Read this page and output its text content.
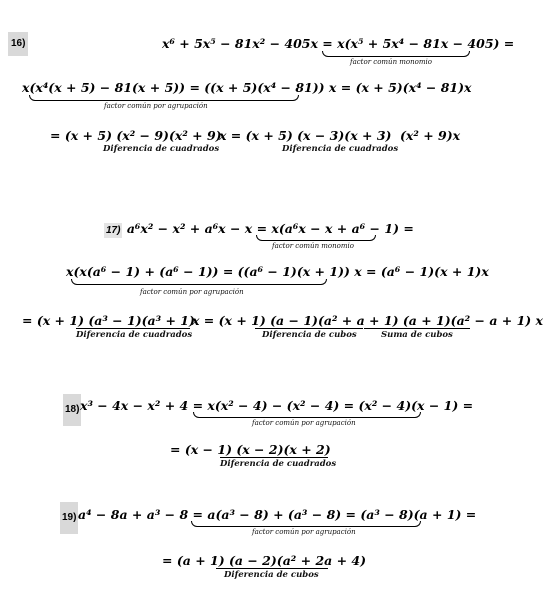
16)	x⁶ + 5x⁵ − 81x² − 405x = x(x⁵ + 5x⁴ − 81x − 405) =
factor común monomio
x(x⁴(x + 5) − 81(x + 5)) = ((x + 5)(x⁴ − 81)) x = (x + 5)(x⁴ − 81)x
factor común por agrupación
= (x + 5) (x² − 9)(x² + 9)
x = (x + 5) (x − 3)(x + 3) (x² + 9)x
Diferencia de cuadrados	Diferencia de cuadrados
17) a⁶x² − x² + a⁶x − x = x(a⁶x − x + a⁶ − 1) =
factor común monomio
x(x(a⁶ − 1) + (a⁶ − 1)) = ((a⁶ − 1)(x + 1)) x = (a⁶ − 1)(x + 1)x
factor común por agrupación
= (x + 1) (a³ − 1)(a³ + 1)
x = (x + 1) (a − 1)(a² + a + 1) (a + 1)(a² − a + 1) x
Diferencia de cuadrados	Diferencia de cubos	Suma de cubos
18) x³ − 4x − x² + 4 = x(x² − 4) − (x² − 4) = (x² − 4)(x − 1) =
factor común por agrupación
= (x − 1) (x − 2)(x + 2)
Diferencia de cuadrados
19) a⁴ − 8a + a³ − 8 = a(a³ − 8) + (a³ − 8) = (a³ − 8)(a + 1) =
factor común por agrupación
= (a + 1) (a − 2)(a² + 2a + 4)
Diferencia de cubos
